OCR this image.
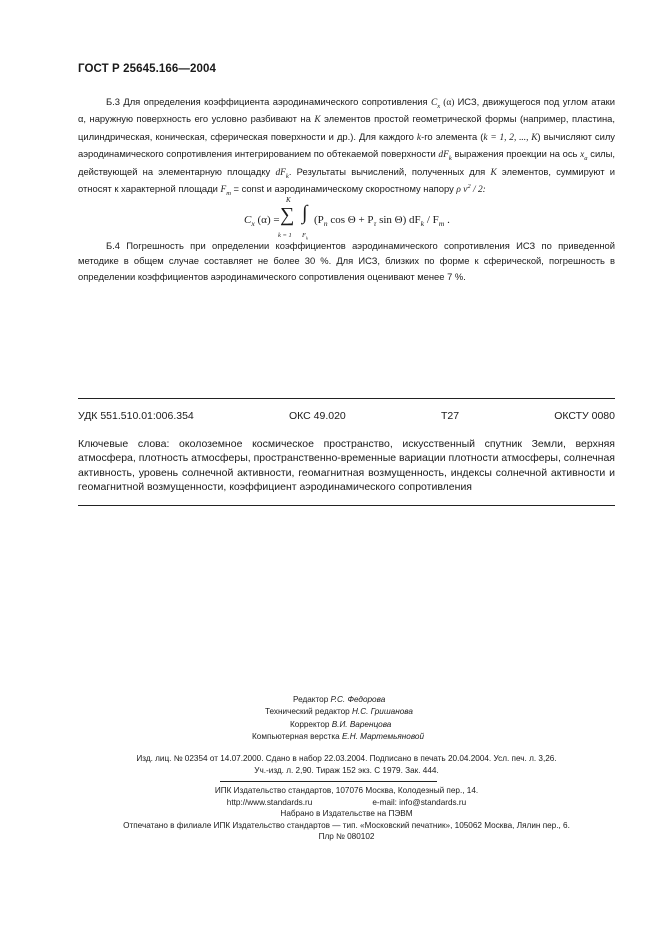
ГОСТ Р 25645.166—2004

Б.3 Для определения коэффициента аэродинамического сопротивления $C_x$ (α) ИСЗ, движущегося под углом атаки α, наружную поверхность его условно разбивают на K элементов простой геометрической формы (например, пластина, цилиндрическая, коническая, сферическая поверхности и др.). Для каждого k-го элемента (k = 1, 2, ..., K) вычисляют силу аэродинамического сопротивления интегрированием по обтекаемой поверхности $dF_k$ выражения проекции на ось $x_a$ силы, действующей на элементарную площадку $dF_k$. Результаты вычислений, полученных для K элементов, суммируют и относят к характерной площади $F_m$ = const и аэродинамическому скоростному напору ρ $v^2 / 2$:

$C_x$ (α) =
K
∑
k = 1
∫
$F_k$
($P_n$ $\cos \Theta + P_\tau$ sin Θ) $dF_k / F_m$ .

Б.4 Погрешность при определении коэффициентов аэродинамического сопротивления ИСЗ по приведенной методике в общем случае составляет не более 30 %. Для ИСЗ, близких по форме к сферической, погрешность в определении коэффициентов аэродинамического сопротивления оценивают менее 7 %.

УДК 551.510.01:006.354	ОКС 49.020	Т27	ОКСТУ 0080

Ключевые слова: околоземное космическое пространство, искусственный спутник Земли, верхняя атмосфера, плотность атмосферы, пространственно-временные вариации плотности атмосферы, солнечная активность, уровень солнечной активности, геомагнитная возмущенность, индексы солнечной активности и геомагнитной возмущенности, коэффициент аэродинамического сопротивления

Редактор Р.С. Федорова
Технический редактор Н.С. Гришанова
Корректор В.И. Варенцова
Компьютерная верстка Е.Н. Мартемьяновой
Изд. лиц. № 02354 от 14.07.2000. Сдано в набор 22.03.2004. Подписано в печать 20.04.2004. Усл. печ. л. 3,26.
Уч.-изд. л. 2,90. Тираж 152 экз. С 1979. Зак. 444.
ИПК Издательство стандартов, 107076 Москва, Колодезный пер., 14.
http://www.standards.ru	e-mail: info@standards.ru
Набрано в Издательстве на ПЭВМ
Отпечатано в филиале ИПК Издательство стандартов — тип. «Московский печатник», 105062 Москва, Лялин пер., 6.
Плр № 080102
